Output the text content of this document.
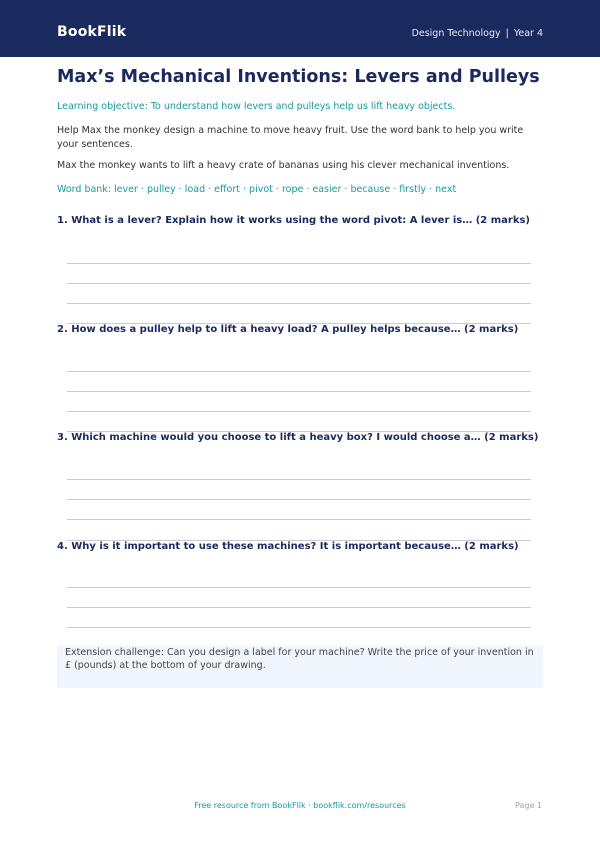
BookFlik	Design Technology | Year 4
Max’s Mechanical Inventions: Levers and Pulleys
Learning objective: To understand how levers and pulleys help us lift heavy objects.
Help Max the monkey design a machine to move heavy fruit. Use the word bank to help you write your sentences.
Max the monkey wants to lift a heavy crate of bananas using his clever mechanical inventions.
Word bank: lever · pulley · load · effort · pivot · rope · easier · because · firstly · next
1. What is a lever? Explain how it works using the word pivot: A lever is… (2 marks)
2. How does a pulley help to lift a heavy load? A pulley helps because… (2 marks)
3. Which machine would you choose to lift a heavy box? I would choose a… (2 marks)
4. Why is it important to use these machines? It is important because… (2 marks)
Extension challenge: Can you design a label for your machine? Write the price of your invention in £ (pounds) at the bottom of your drawing.
Free resource from BookFlik · bookflik.com/resources	Page 1
